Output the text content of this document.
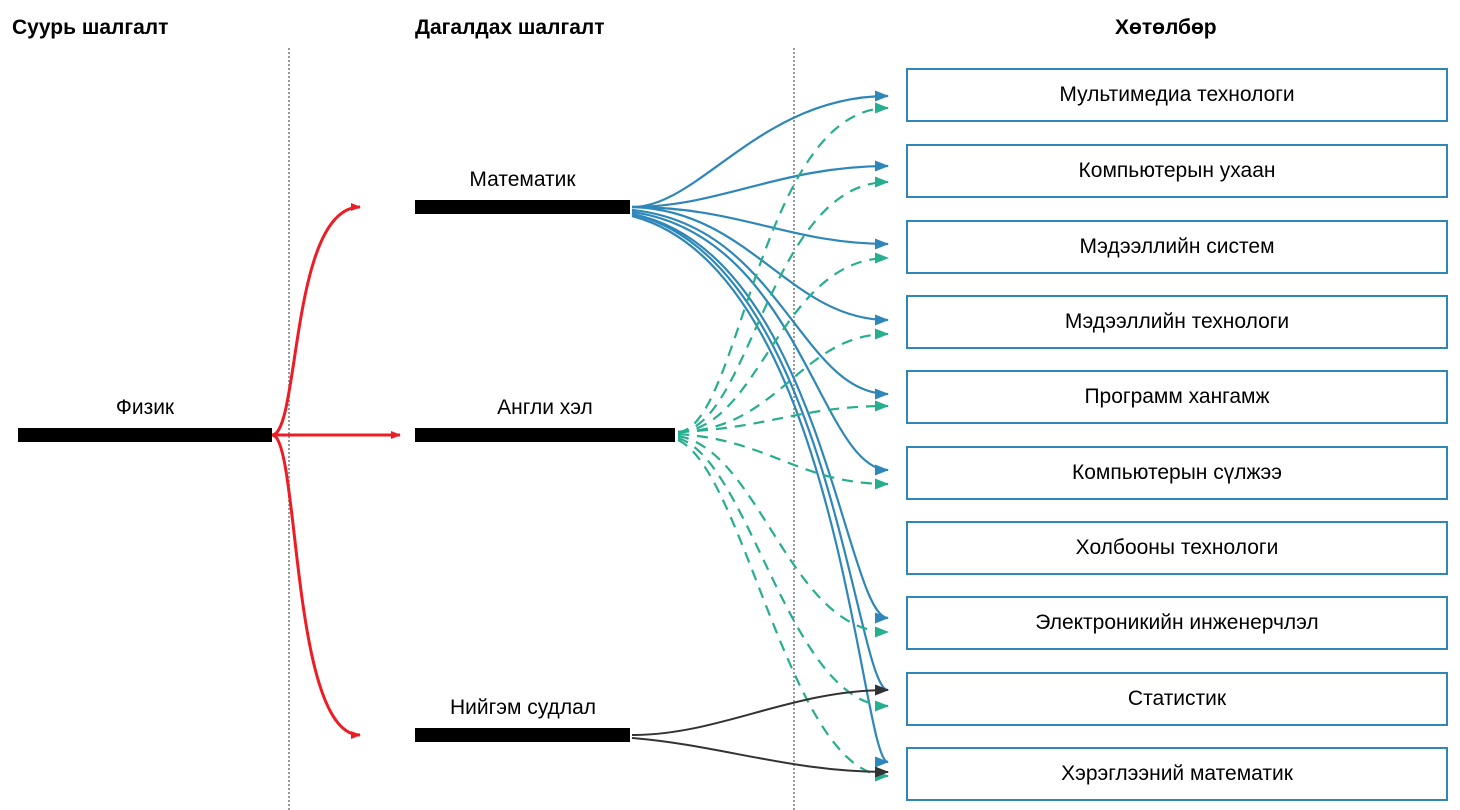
Суурь шалгалт	Дагалдах шалгалт	Хөтөлбөр
Физик
Математик
Англи хэл
Нийгэм судлал
Мультимедиа технологи
Компьютерын ухаан
Мэдээллийн систем
Мэдээллийн технологи
Программ хангамж
Компьютерын сүлжээ
Холбооны технологи
Электроникийн инженерчлэл
Статистик
Хэрэглээний математик
